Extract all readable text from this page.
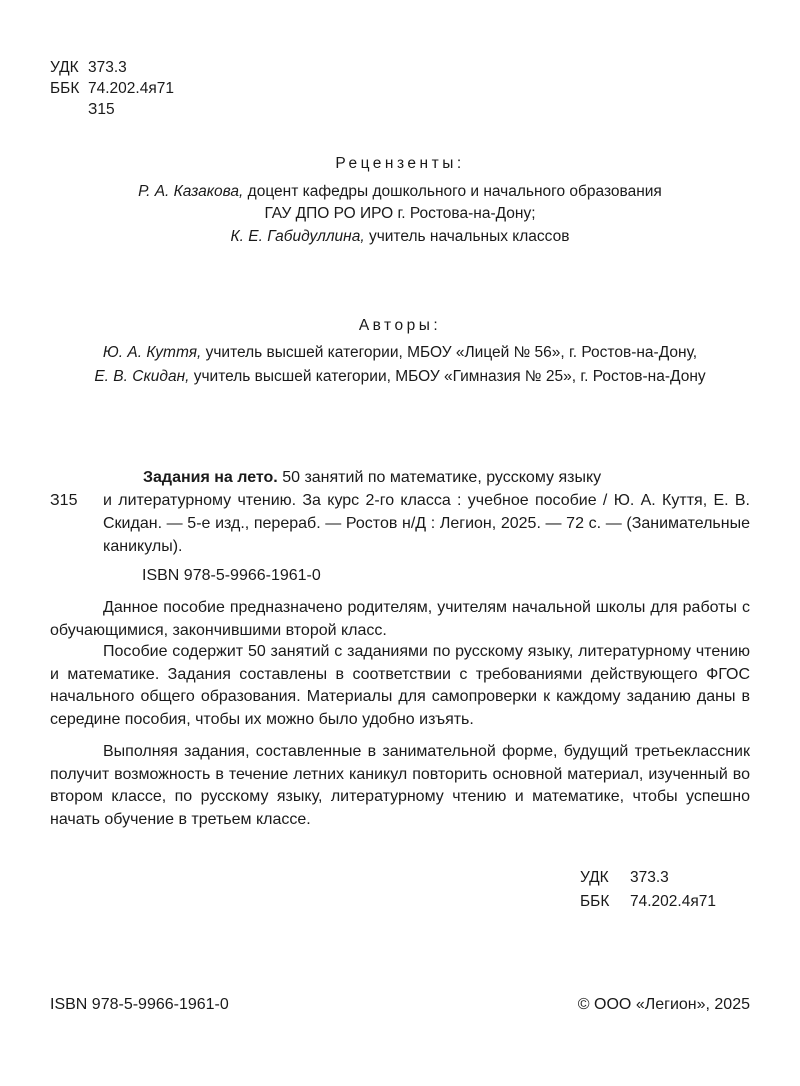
УДК 373.3
ББК 74.202.4я71
З15
Рецензенты:
Р. А. Казакова, доцент кафедры дошкольного и начального образования
ГАУ ДПО РО ИРО г. Ростова-на-Дону;
К. Е. Габидуллина, учитель начальных классов
Авторы:
Ю. А. Куття, учитель высшей категории, МБОУ «Лицей № 56», г. Ростов-на-Дону,
Е. В. Скидан, учитель высшей категории, МБОУ «Гимназия № 25», г. Ростов-на-Дону
З15
Задания на лето. 50 занятий по математике, русскому языку
и литературному чтению. За курс 2-го класса : учебное пособие / Ю. А. Куття, Е. В. Скидан. — 5-е изд., перераб. — Ростов н/Д : Легион, 2025. — 72 с. — (Занимательные каникулы).
ISBN 978-5-9966-1961-0
Данное пособие предназначено родителям, учителям начальной школы для работы с обучающимися, закончившими второй класс.
Пособие содержит 50 занятий с заданиями по русскому языку, литературному чтению и математике. Задания составлены в соответствии с требованиями действующего ФГОС начального общего образования. Материалы для самопроверки к каждому заданию даны в середине пособия, чтобы их можно было удобно изъять.
Выполняя задания, составленные в занимательной форме, будущий третьеклассник получит возможность в течение летних каникул повторить основной материал, изученный во втором классе, по русскому языку, литературному чтению и математике, чтобы успешно начать обучение в третьем классе.
УДК 373.3
ББК 74.202.4я71
ISBN 978-5-9966-1961-0	© ООО «Легион», 2025
